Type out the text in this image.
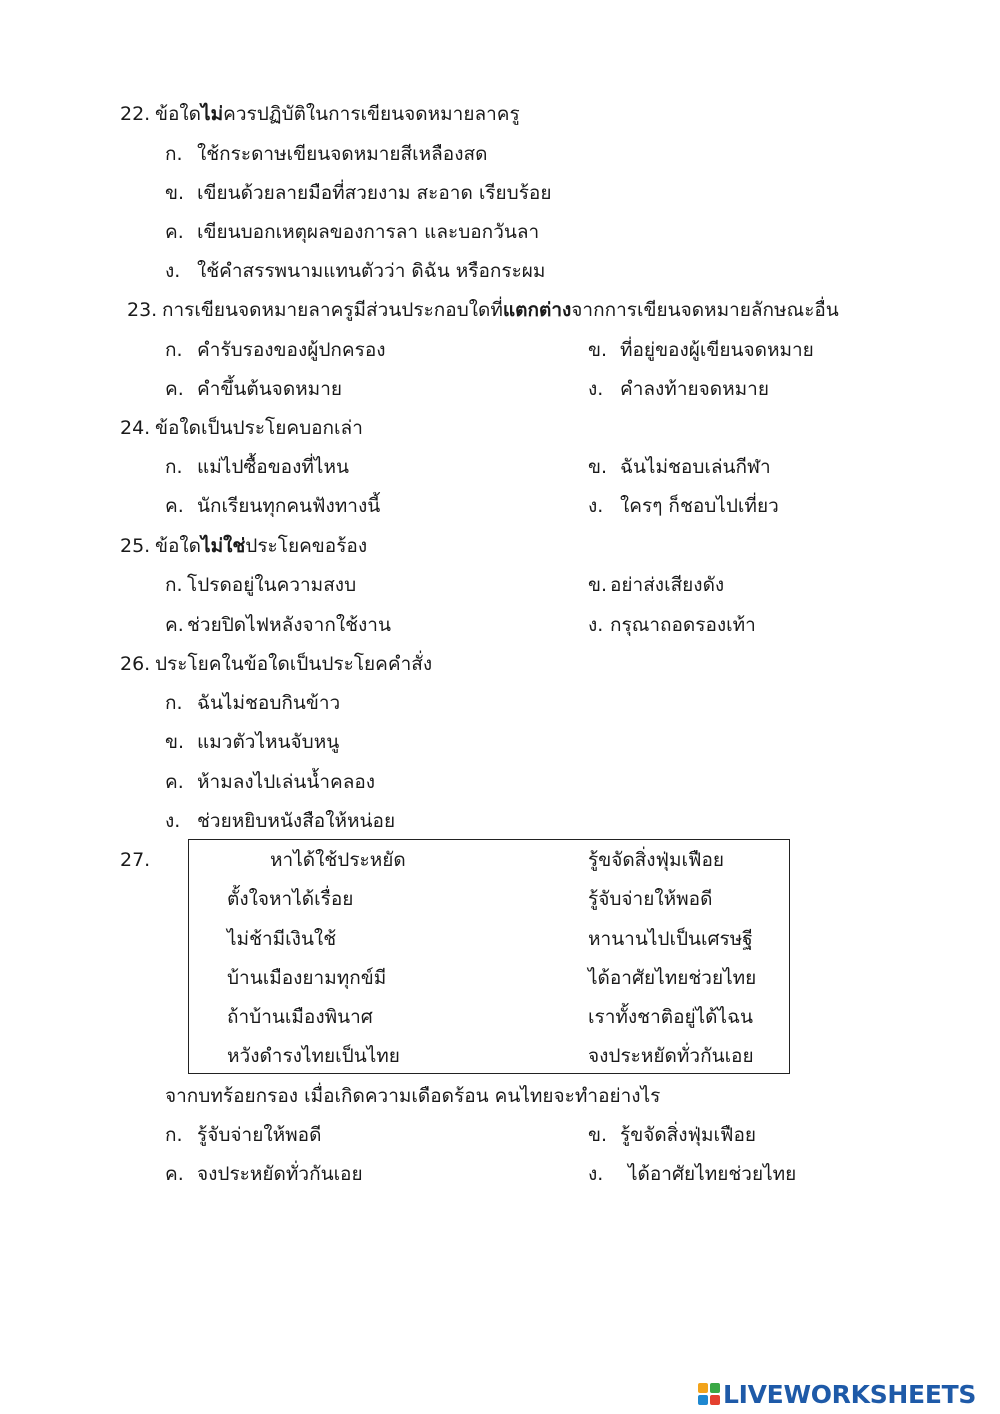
22. ข้อใดไม่ควรปฏิบัติในการเขียนจดหมายลาครู
ก. ใช้กระดาษเขียนจดหมายสีเหลืองสด
ข. เขียนด้วยลายมือที่สวยงาม สะอาด เรียบร้อย
ค. เขียนบอกเหตุผลของการลา และบอกวันลา
ง. ใช้คำสรรพนามแทนตัวว่า ดิฉัน หรือกระผม
23. การเขียนจดหมายลาครูมีส่วนประกอบใดที่แตกต่างจากการเขียนจดหมายลักษณะอื่น
ก. คำรับรองของผู้ปกครอง	ข. ที่อยู่ของผู้เขียนจดหมาย
ค. คำขึ้นต้นจดหมาย	ง. คำลงท้ายจดหมาย
24. ข้อใดเป็นประโยคบอกเล่า
ก. แม่ไปซื้อของที่ไหน	ข. ฉันไม่ชอบเล่นกีฬา
ค. นักเรียนทุกคนฟังทางนี้	ง. ใครๆ ก็ชอบไปเที่ยว
25. ข้อใดไม่ใช่ประโยคขอร้อง
ก. โปรดอยู่ในความสงบ	ข. อย่าส่งเสียงดัง
ค. ช่วยปิดไฟหลังจากใช้งาน	ง. กรุณาถอดรองเท้า
26. ประโยคในข้อใดเป็นประโยคคำสั่ง
ก. ฉันไม่ชอบกินข้าว
ข. แมวตัวไหนจับหนู
ค. ห้ามลงไปเล่นน้ำคลอง
ง. ช่วยหยิบหนังสือให้หน่อย
27.	หาได้ใช้ประหยัด	รู้ขจัดสิ่งฟุ่มเฟือย
ตั้งใจหาได้เรื่อย	รู้จับจ่ายให้พอดี
ไม่ช้ามีเงินใช้	หานานไปเป็นเศรษฐี
บ้านเมืองยามทุกข์มี	ได้อาศัยไทยช่วยไทย
ถ้าบ้านเมืองพินาศ	เราทั้งชาติอยู่ได้ไฉน
หวังดำรงไทยเป็นไทย	จงประหยัดทั่วกันเอย
จากบทร้อยกรอง เมื่อเกิดความเดือดร้อน คนไทยจะทำอย่างไร
ก. รู้จับจ่ายให้พอดี	ข. รู้ขจัดสิ่งฟุ่มเฟือย
ค. จงประหยัดทั่วกันเอย	ง. ได้อาศัยไทยช่วยไทย
LIVEWORKSHEETS
